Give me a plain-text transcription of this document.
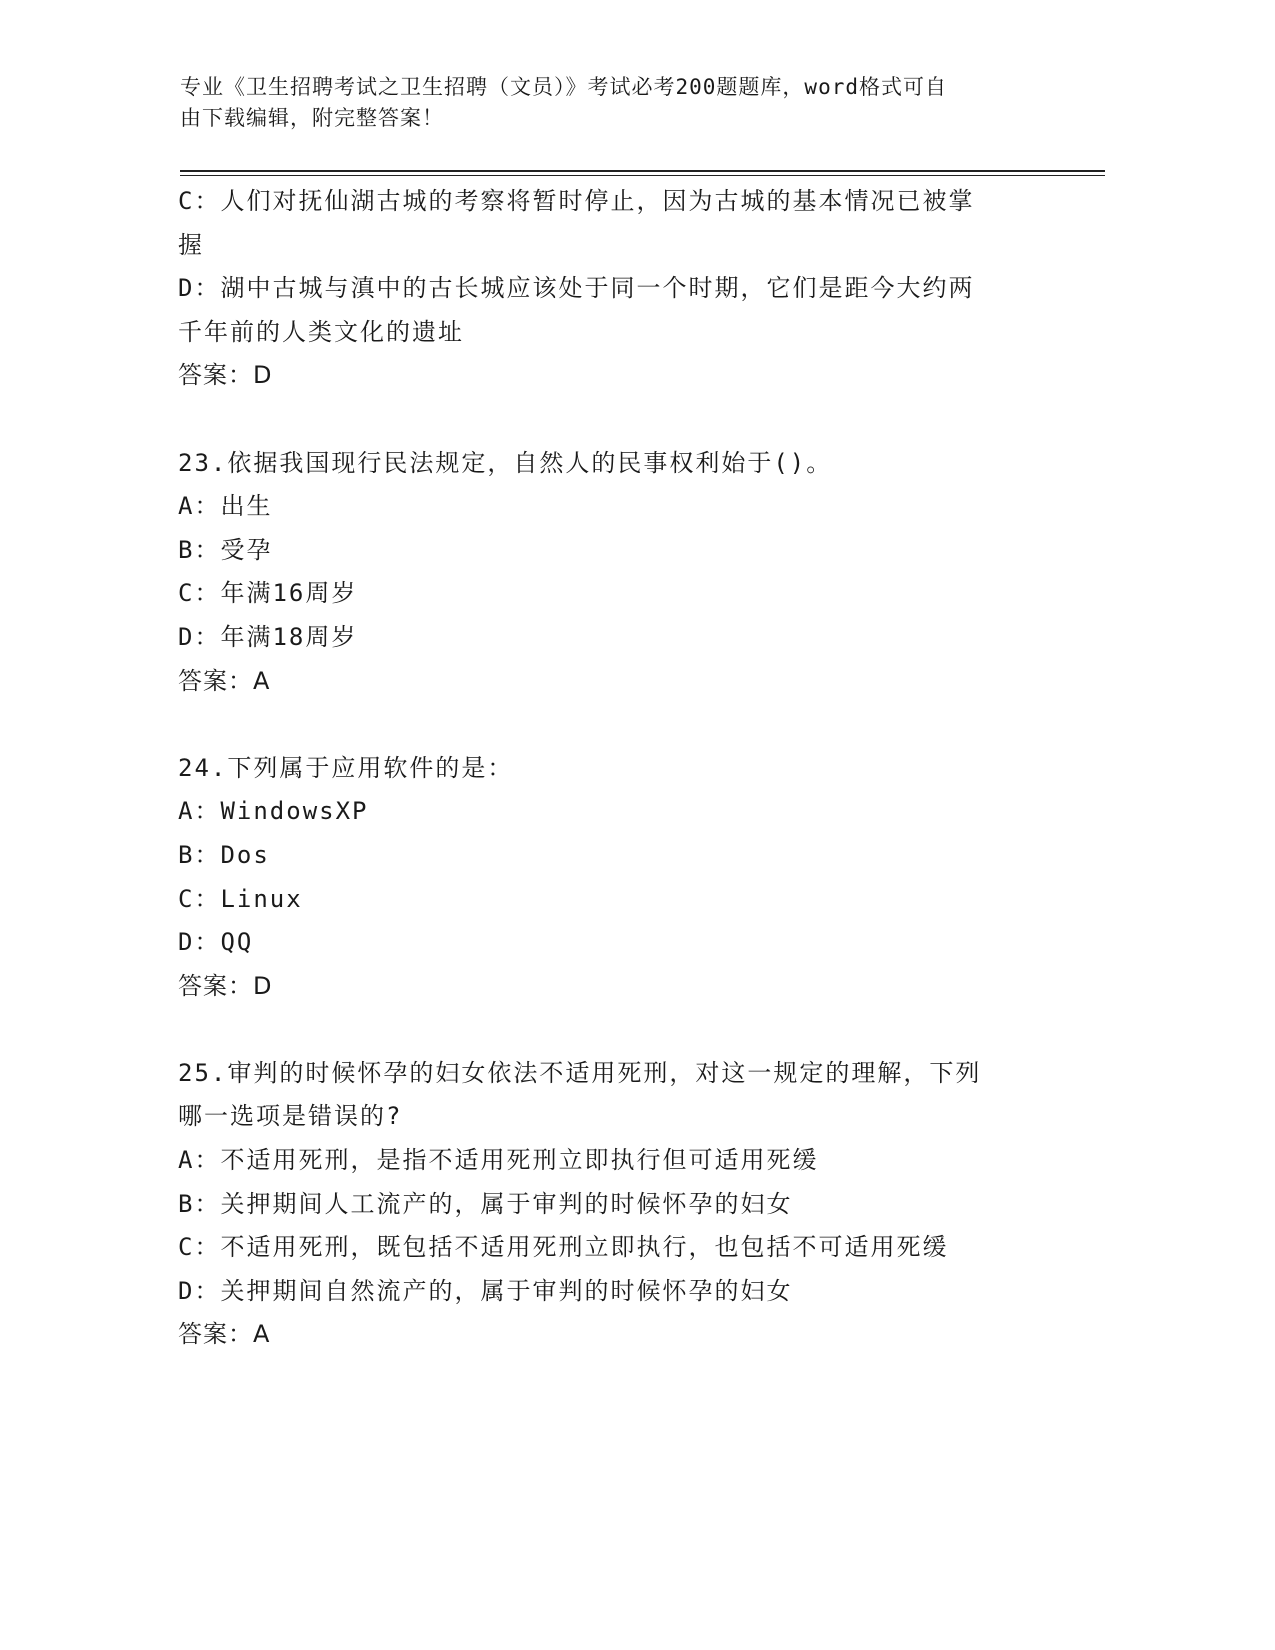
专业《卫生招聘考试之卫生招聘（文员）》考试必考200题题库，word格式可自
由下载编辑，附完整答案！
C：人们对抚仙湖古城的考察将暂时停止，因为古城的基本情况已被掌
握
D：湖中古城与滇中的古长城应该处于同一个时期，它们是距今大约两
千年前的人类文化的遗址
答案：D
23.依据我国现行民法规定，自然人的民事权利始于()。
A：出生
B：受孕
C：年满16周岁
D：年满18周岁
答案：A
24.下列属于应用软件的是：
A：WindowsXP
B：Dos
C：Linux
D：QQ
答案：D
25.审判的时候怀孕的妇女依法不适用死刑，对这一规定的理解，下列
哪一选项是错误的?
A：不适用死刑，是指不适用死刑立即执行但可适用死缓
B：关押期间人工流产的，属于审判的时候怀孕的妇女
C：不适用死刑，既包括不适用死刑立即执行，也包括不可适用死缓
D：关押期间自然流产的，属于审判的时候怀孕的妇女
答案：A
